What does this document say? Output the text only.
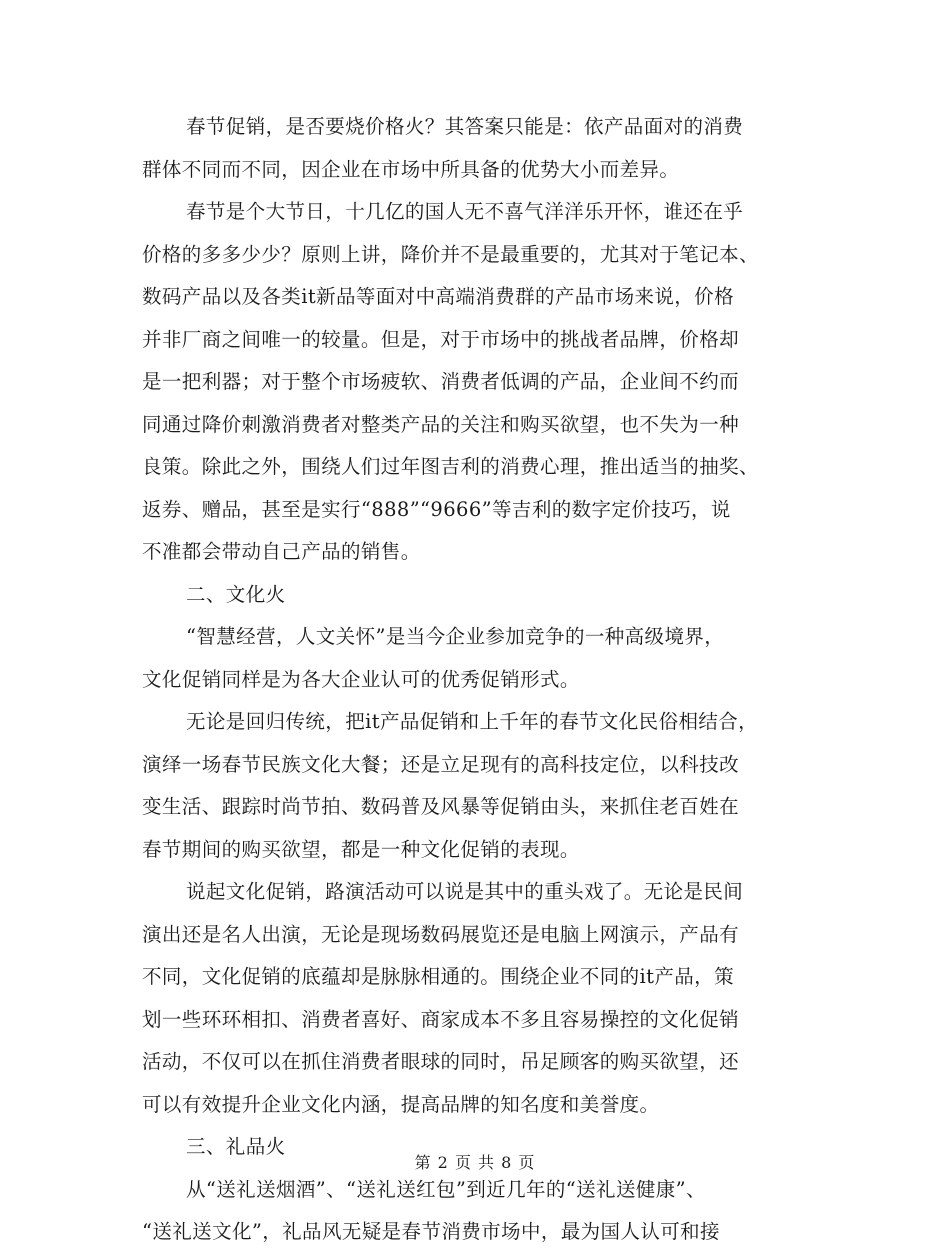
春节促销，是否要烧价格火？其答案只能是：依产品面对的消费
群体不同而不同，因企业在市场中所具备的优势大小而差异。
春节是个大节日，十几亿的国人无不喜气洋洋乐开怀，谁还在乎
价格的多多少少？原则上讲，降价并不是最重要的，尤其对于笔记本、
数码产品以及各类it新品等面对中高端消费群的产品市场来说，价格
并非厂商之间唯一的较量。但是，对于市场中的挑战者品牌，价格却
是一把利器；对于整个市场疲软、消费者低调的产品，企业间不约而
同通过降价刺激消费者对整类产品的关注和购买欲望，也不失为一种
良策。除此之外，围绕人们过年图吉利的消费心理，推出适当的抽奖、
返券、赠品，甚至是实行“888”“9666”等吉利的数字定价技巧，说
不准都会带动自己产品的销售。
二、文化火
“智慧经营，人文关怀”是当今企业参加竞争的一种高级境界，
文化促销同样是为各大企业认可的优秀促销形式。
无论是回归传统，把it产品促销和上千年的春节文化民俗相结合，
演绎一场春节民族文化大餐；还是立足现有的高科技定位，以科技改
变生活、跟踪时尚节拍、数码普及风暴等促销由头，来抓住老百姓在
春节期间的购买欲望，都是一种文化促销的表现。
说起文化促销，路演活动可以说是其中的重头戏了。无论是民间
演出还是名人出演，无论是现场数码展览还是电脑上网演示，产品有
不同，文化促销的底蕴却是脉脉相通的。围绕企业不同的it产品，策
划一些环环相扣、消费者喜好、商家成本不多且容易操控的文化促销
活动，不仅可以在抓住消费者眼球的同时，吊足顾客的购买欲望，还
可以有效提升企业文化内涵，提高品牌的知名度和美誉度。
三、礼品火
从“送礼送烟酒”、“送礼送红包”到近几年的“送礼送健康”、
“送礼送文化”，礼品风无疑是春节消费市场中，最为国人认可和接
第 2 页 共 8 页
